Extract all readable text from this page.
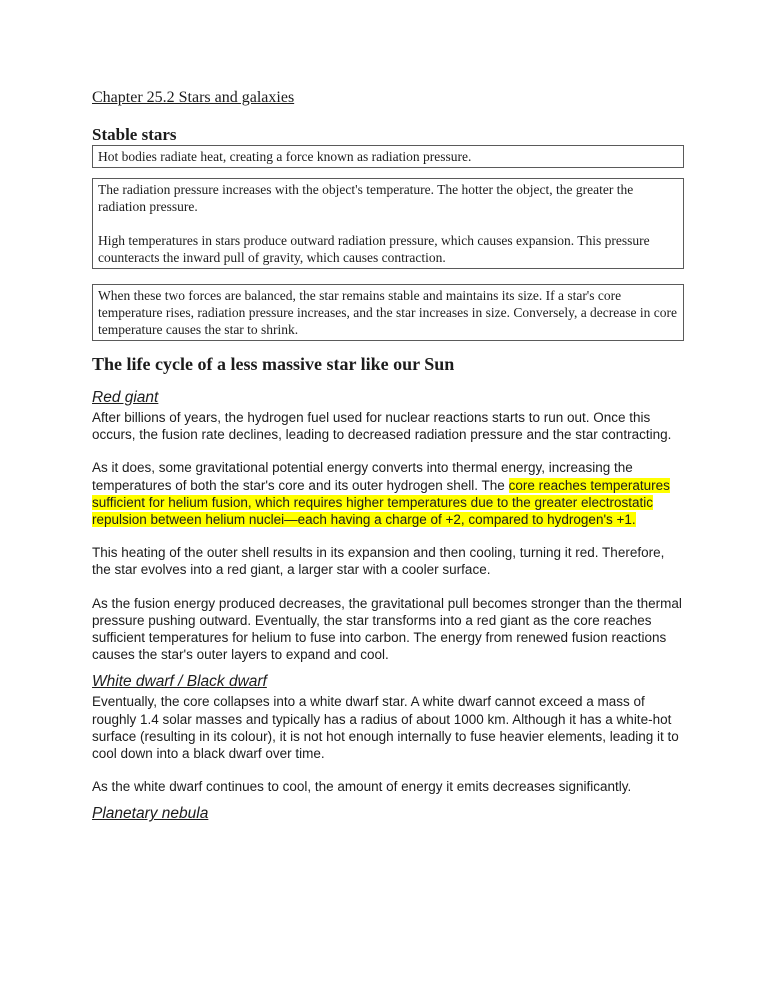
Chapter 25.2 Stars and galaxies
Stable stars

Hot bodies radiate heat, creating a force known as radiation pressure.

The radiation pressure increases with the object's temperature. The hotter the object, the greater the radiation pressure.

High temperatures in stars produce outward radiation pressure, which causes expansion. This pressure counteracts the inward pull of gravity, which causes contraction.

When these two forces are balanced, the star remains stable and maintains its size. If a star's core temperature rises, radiation pressure increases, and the star increases in size. Conversely, a decrease in core temperature causes the star to shrink.

The life cycle of a less massive star like our Sun
Red giant

After billions of years, the hydrogen fuel used for nuclear reactions starts to run out. Once this occurs, the fusion rate declines, leading to decreased radiation pressure and the star contracting.

As it does, some gravitational potential energy converts into thermal energy, increasing the temperatures of both the star's core and its outer hydrogen shell. The core reaches temperatures sufficient for helium fusion, which requires higher temperatures due to the greater electrostatic repulsion between helium nuclei—each having a charge of +2, compared to hydrogen's +1.

This heating of the outer shell results in its expansion and then cooling, turning it red. Therefore, the star evolves into a red giant, a larger star with a cooler surface.

As the fusion energy produced decreases, the gravitational pull becomes stronger than the thermal pressure pushing outward. Eventually, the star transforms into a red giant as the core reaches sufficient temperatures for helium to fuse into carbon. The energy from renewed fusion reactions causes the star's outer layers to expand and cool.

White dwarf / Black dwarf

Eventually, the core collapses into a white dwarf star. A white dwarf cannot exceed a mass of roughly 1.4 solar masses and typically has a radius of about 1000 km. Although it has a white-hot surface (resulting in its colour), it is not hot enough internally to fuse heavier elements, leading it to cool down into a black dwarf over time.

As the white dwarf continues to cool, the amount of energy it emits decreases significantly.

Planetary nebula
